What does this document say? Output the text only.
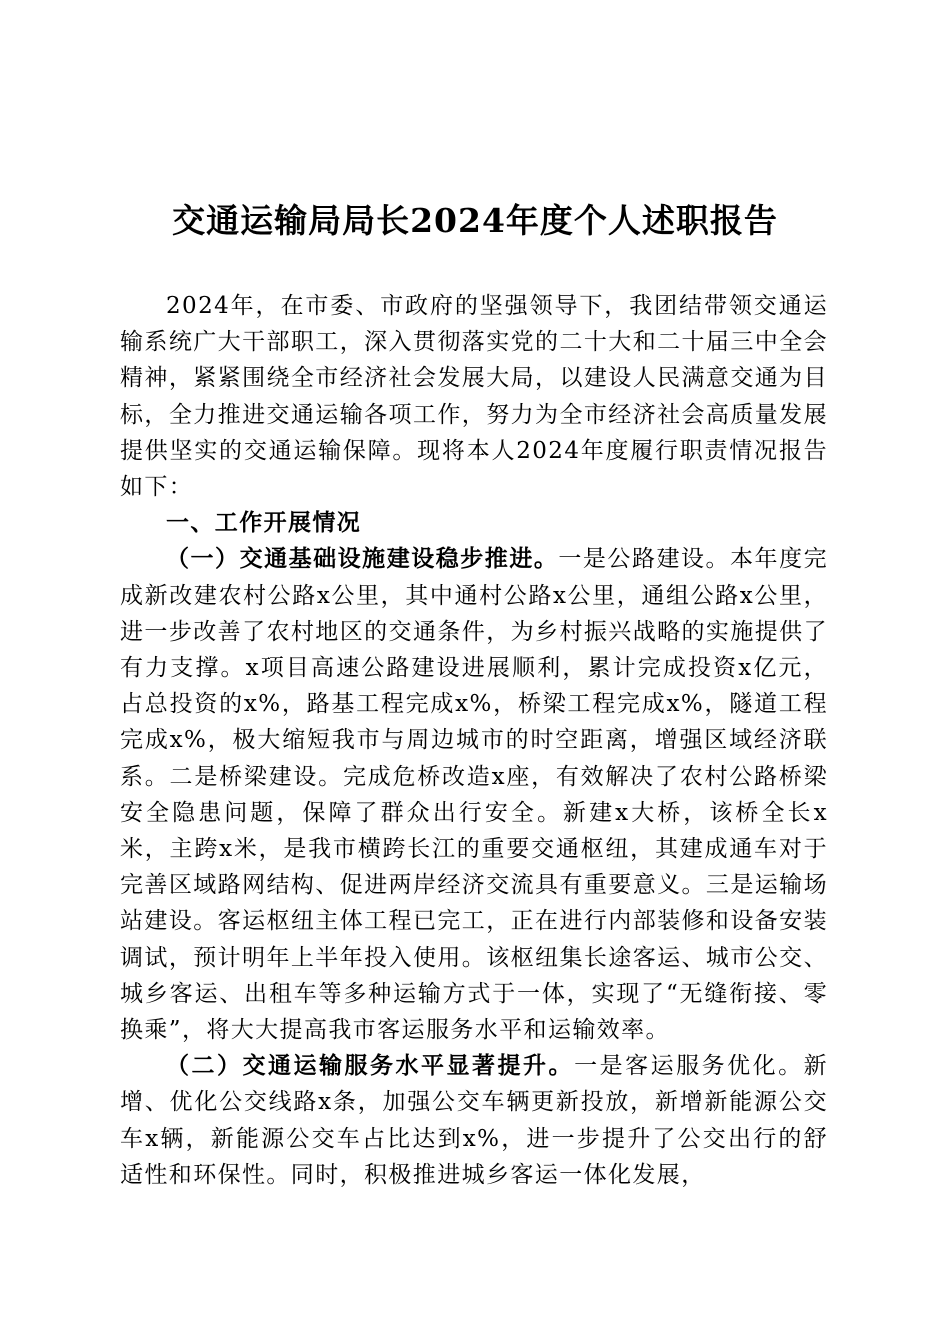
交通运输局局长2024年度个人述职报告

2024年，在市委、市政府的坚强领导下，我团结带领交通运输系统广大干部职工，深入贯彻落实党的二十大和二十届三中全会精神，紧紧围绕全市经济社会发展大局，以建设人民满意交通为目标，全力推进交通运输各项工作，努力为全市经济社会高质量发展提供坚实的交通运输保障。现将本人2024年度履行职责情况报告如下：

一、工作开展情况

（一）交通基础设施建设稳步推进。一是公路建设。本年度完成新改建农村公路x公里，其中通村公路x公里，通组公路x公里，进一步改善了农村地区的交通条件，为乡村振兴战略的实施提供了有力支撑。x项目高速公路建设进展顺利，累计完成投资x亿元，占总投资的x%，路基工程完成x%，桥梁工程完成x%，隧道工程完成x%，极大缩短我市与周边城市的时空距离，增强区域经济联系。二是桥梁建设。完成危桥改造x座，有效解决了农村公路桥梁安全隐患问题，保障了群众出行安全。新建x大桥，该桥全长x米，主跨x米，是我市横跨长江的重要交通枢纽，其建成通车对于完善区域路网结构、促进两岸经济交流具有重要意义。三是运输场站建设。客运枢纽主体工程已完工，正在进行内部装修和设备安装调试，预计明年上半年投入使用。该枢纽集长途客运、城市公交、城乡客运、出租车等多种运输方式于一体，实现了“无缝衔接、零换乘”，将大大提高我市客运服务水平和运输效率。

（二）交通运输服务水平显著提升。一是客运服务优化。新增、优化公交线路x条，加强公交车辆更新投放，新增新能源公交车x辆，新能源公交车占比达到x%，进一步提升了公交出行的舒适性和环保性。同时，积极推进城乡客运一体化发展，
